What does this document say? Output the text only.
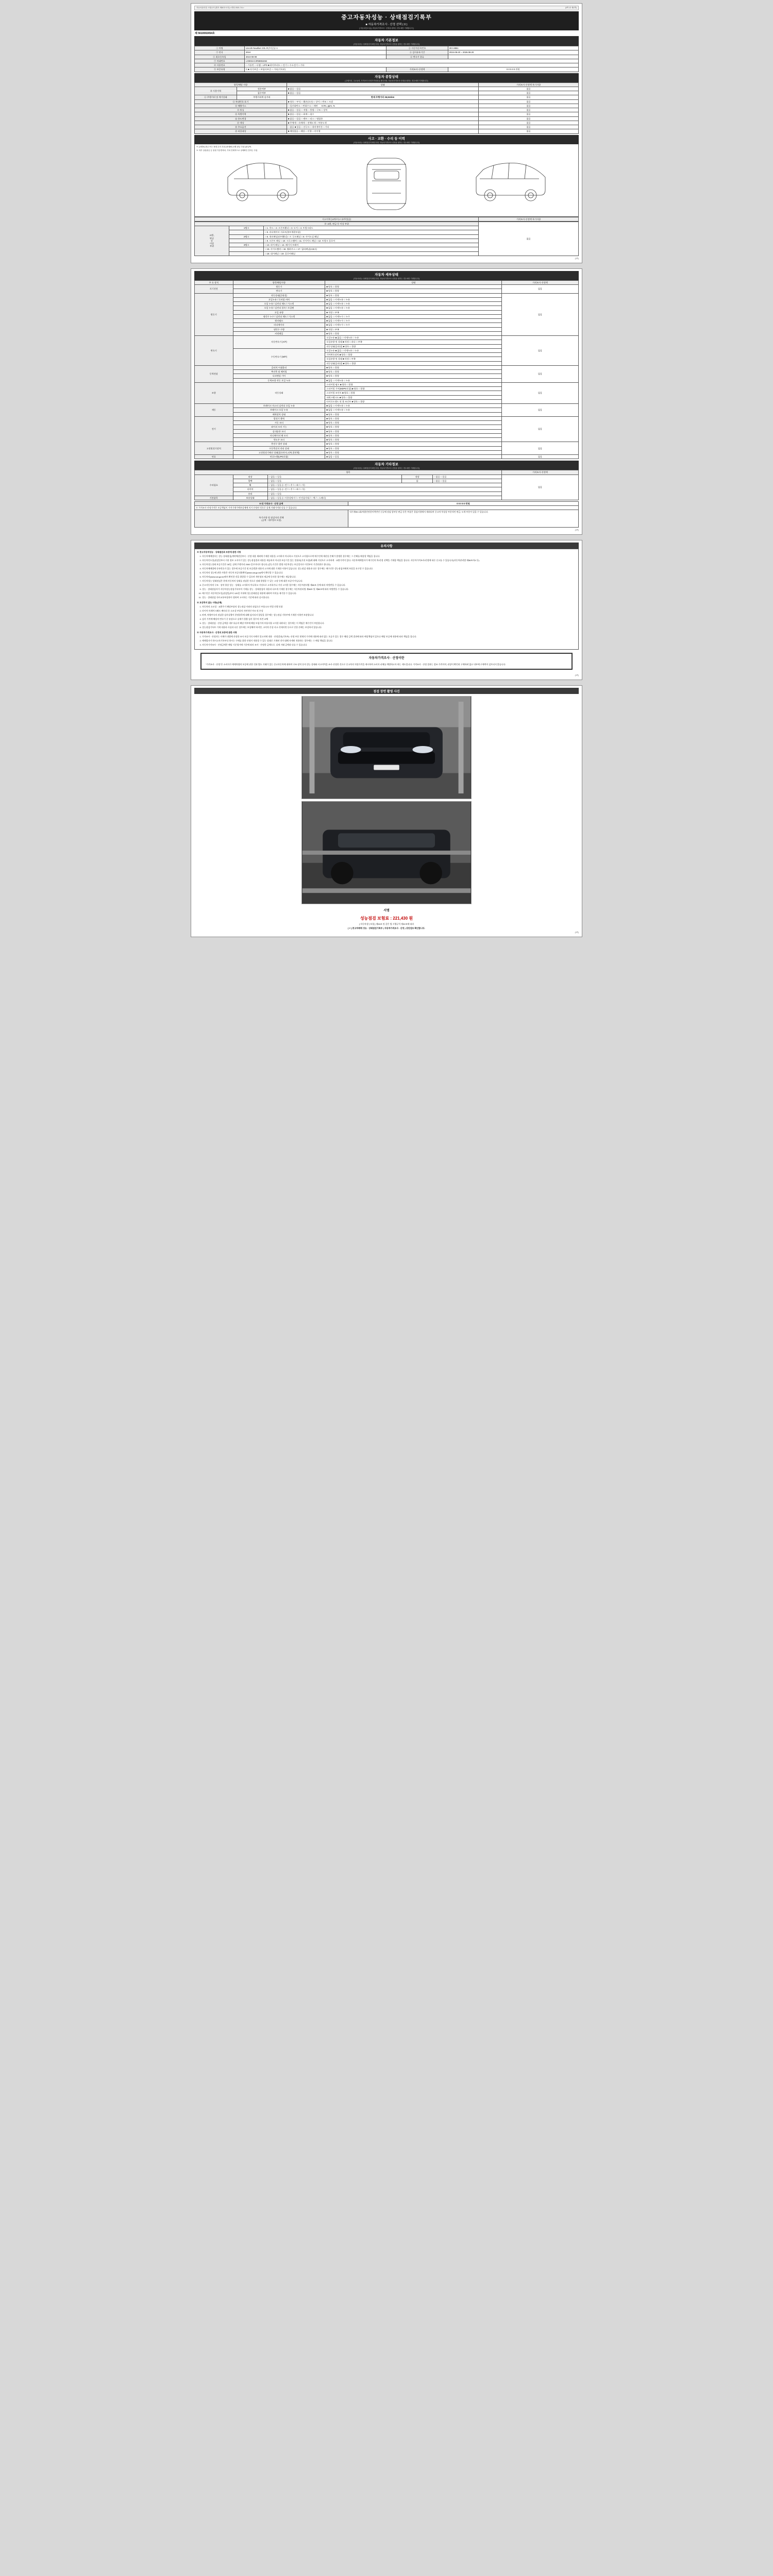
자동차관리법 시행규칙 [별지 제82호서식] <개정 2021.7.6.>	(3쪽 중 제1쪽)
중고자동차성능 · 상태점검기록부
■ 자동차가격조사 · 산정 선택 ( 0 )
[ 자동차인도일( ) 자동차가격조사 · 산정을 원하는 경우에만 기재합니다 ]
제 5610002454호
자동차 기본정보
(자동차성능·상태점검자 확인사항, 자동차가격조사·산정을 원하는 경우에만 기재합니다)
① 차명	Lincoln Nautilus 2.0L 0년어길류 1	② 자동차등록번호	28도9861
③ 연식	2024	④ 검사유효기간	2024-08-20 ~ 2026-08-20
⑤ 최초등록일	2024-08-09	⑥ 변속기 종류	
⑦ 차대번호	LX96NAC3RM853262		
⑧ 사용연료	□ 가솔린 □ 디젤 □ LPG ■ 하이브리드 □ 전기 □ 수소전기 □ 기타		
⑨ 보증유형	C ■ 자가보증 □ 보험사보증 □ 기타(기록부)	가격조사·산정액	0 0 0 0 0 만원
자동차 종합상태
(주행거리, 주요동력, 가격조사·산정가격차종류 확인사항, 자동차가격조사·산정을 원하는 경우에만 기재합니다)
항목/해당 사항		상태	가격조사·산정액 특기사항
⑩ 사용이력	전손여부	■ 없음 □ 있음	없음
	침수여부	■ 없음 □ 있음	없음
⑪ 주행거리 및 계기상태	주행거리계 실거리	현재 주행거리 36,941km	없음
⑫ 차대번호 표기		■ 양호 □ 부식 □ 훼손(오손) □ 상이 □ 변조 □ 도말	없음
⑬ 배출가스		□ 일산화탄소 □ 탄화수소 □ 매연 0.0%, ppm, %	없음
⑭ 튜닝		■ 없음 □ 있음 □ 적법 □ 불법 □ 구조 □ 장치	없음
⑮ 특별이력		■ 없음 □ 있음 □ 화재 □ 침수	없음
⑯ 용도변경		■ 없음 □ 있음 □ 렌트 □ 리스 □ 영업용	없음
⑰ 색상		■ 무채색 □ 유채색 □ 전체도색 □ 부분도색	없음
⑱ 주요옵션		□ 없음 ■ 있음 □ 선루프 □ 내비게이션 □ 기타	없음
⑲ 리콜대상		■ 해당없음 □ 해당 □ 이행 □ 미이행	없음
사고 · 교환 · 수리 등 이력
(자동차성능·상태점검자 확인사항, 자동차가격조사·산정을 원하는 경우에만 기재합니다)
※ (교환X) 판금 또는 용접 수리 부위 (용접W) 교환 판금 부위 (판금P)
※ 하부 실링판금 등 용접 기준면에서, 기타 전체적으로 상태확인 못하는 부분
사고이력 (교차/사고 유/무있음)	가격조사·산정액 특기사항
⑳ 교환, 판금 등 이상 부위			없음
교환,
판금
등
이상
부위	1랭크	□ 1. 후드 □ 2. 프론트휀더 □ 3. 도어 □ 4. 트렁크리드	
		□ 5. 라디에이터 서포트(볼트체결부품)	
	2랭크	□ 6. 쿼터패널(리어휀더) □ 7. 루프패널 □ 8. 사이드실 패널	
		□ 9. 프론트 패널 □ 10. 크로스멤버 □ 11. 인사이드 패널 □ 12. 트렁크 플로어	
	3랭크	□ 13. 리어 패널 □ 14. 패키지 트레이	
		□ 15. 사이드멤버 □ 16. 휠하우스 □ 17. 필러패널(A,B,C)	
		□ 18. 대시패널 □ 19. 플로어패널	
(3쪽)
자동차 세부상태
(자동차성능·상태점검자 확인사항, 자동차가격조사·산정을 원하는 경우에만 기재합니다)
주 요 장치	항목/해당사항	상태	가격조사·산정액
자기진단	원동기	■ 양호 □ 불량	없음
	변속기	■ 양호 □ 불량	
원동기	작동상태(공회전)	■ 양호 □ 불량	없음
	오일누유 / 로커암 커버	■ 없음 □ 미세누유 □ 누유	
	오일 누유 / 실린더 헤드 / 가스켓	■ 없음 □ 미세누유 □ 누유	
	오일 누유 / 실린더 블록 / 오일팬	■ 없음 □ 미세누유 □ 누유	
	오일 유량	■ 적정 □ 부족	
	냉각수 누수 / 실린더 헤드 / 가스켓	■ 없음 □ 미세누수 □ 누수	
	워터펌프	■ 없음 □ 미세누수 □ 누수	
	라디에이터	■ 없음 □ 미세누수 □ 누수	
	냉각수 수량	■ 적정 □ 부족	
	커먼레일	■ 양호 □ 불량	
변속기	자동변속기 (A/T)	오일누유 ■ 없음 □ 미세누유 □ 누유	없음
		오일유량 및 상태 ■ 적정 □ 과다 □ 부족	
		작동상태(공회전) ■ 양호 □ 불량	
	수동변속기 (M/T)	오일누유 ■ 없음 □ 미세누유 □ 누유	
		기어변속장치 ■ 양호 □ 불량	
		오일유량 및 상태 ■ 적정 □ 부족	
		작동상태(공회전) ■ 양호 □ 불량	
동력전달	클러치 어셈블리	■ 양호 □ 불량	없음
	추진축 및 베어링	■ 양호 □ 불량	
	디퍼렌셜 기어	■ 양호 □ 불량	
	동력조향 작동 오일 누유	■ 없음 □ 미세누유 □ 누유	
조향	작동상태	스티어링 펌프 ■ 양호 □ 불량	없음
		스티어링 기어(MDPS포함) ■ 양호 □ 불량	
		스티어링 조인트 ■ 양호 □ 불량	
		파워크랭크도 ■ 양호 □ 불량	
		타이로드엔드 및 볼 조인트 ■ 양호 □ 불량	
제동	브레이크 마스터 실린더 오일 누유	■ 없음 □ 미세누유 □ 누유	없음
	브레이크 오일 누유	■ 없음 □ 미세누유 □ 누유	
	배력장치 상태	■ 양호 □ 불량	
전기	발전기 출력	■ 양호 □ 불량	없음
	시동 모터	■ 양호 □ 불량	
	와이퍼 모터 기능	■ 양호 □ 불량	
	실내송풍 모터	■ 양호 □ 불량	
	라디에이터 팬 모터	■ 양호 □ 불량	
	윈도우 모터	■ 양호 □ 불량	
고전원전기장치	충전구 절연 상태	■ 양호 □ 불량	없음
	구동축전지 격리 상태	■ 양호 □ 불량	
	고전원전기배선 상태(접속단자,피복,절연체)	■ 양호 □ 불량	
연료	연료누출(LPG포함)	■ 없음 □ 있음	없음
자동차 기타정보
(자동차성능·상태점검자 확인사항, 자동차가격조사·산정을 원하는 경우에만 기재합니다)
항목					가격조사·산정액
수리필요	외장	□ 없음 □ 있음	내장	□ 없음 □ 있음	없음
	광택	□ 없음 □ 있음	룸	□ 없음 □ 있음	
	휠	□ 없음 □ 있음 (□ 전 / □ 후 / □ 좌 / □ 우)			
	타이어	□ 없음 □ 있음 (□ 전 / □ 후 / □ 좌 / □ 우)			
	유리	□ 없음 □ 있음			
기본품목	보유상태	□ 없음 □ 있음 (□ 사용설명서 / □ 안전삼각대 / □ 잭 / □ 스패너)			
8 대 가격조사 · 산정 금액	0 0 0 0 0 만원
※ 가격조사·산정가격은 보증책임이 가격기재가액보상제에 의거 산정된 것으로 실제 거래가격과 다를 수 있습니다.	
특기사항 및 점검자의 견해
(금액 · 내부정보 포함)	내기재95 1회/차량간단한이력만인 신규에 점검 앞부분 판금 등은 부품은 경검사항에서 제외되며 중고차 특성상 부분적인 판금, 도색 부분이 있을 수 있습니다.
(3쪽)
유의사항
※ 중고자동차성능 · 상태점검과 보증에 관한 사항
1. 자동차매매업자는 성능·상태점검(계약체결일부터 · 산정 내용 제외에 기재한 내용을 고지하지 아니하고 거짓으로 고지함으로써 매수인에 재산상 손해가 발생한 경우에는 그 손해를 배상할 책임을 집니다.
2. 자동차인도일(점검일부터 거짓 정보 고지이기 있는 성능점검결과 내용을 제공하지 아니한 보증기간 있는 불합리(거짓 포함)에 대해 거짓으로 고지하게 · 교환가격이 있다. 자동차매매업자가 매수인의 차/산정 선택을 기재함 책임을 집니다. 자동차가격조사/산정에 따른 신고를 수 있습니다(자동차관리법 제58조의4 등).
3. 자동차성능상태 보증기간은 30일, 실매 주행거리 2000 킬로미터로 합니다 (성능기간은 발생 자동차성능 보증일자로 이것부터 기간단위로 합니다).
4. 자동차매매업에 등록번호가 있는 경우에 보증기간 및 보증범위·내용의 고지에 대한 기재한 사항이 있습니다. 성능점검 내용과 다른 경우에는 매수인은 성능점검자에게 보상을 요구할 수 있습니다.
5. 자동차의 성능에 관한 사항은 자동차 보증내용확인(www.car.go.kr)에서 확인할 수 있습니다.
6. 자동차의(www.car.go.kr)에서 확인한 것을 열람할 수 있으며 개인정보 제공에 동의한 경우에는 제공합니다.
7. 자동차성능·상태점검은 현재 자동차의 상태를 점검한 것으로 장래 발생할 수 있는 고장 등에 대한 보증이 아닙니다.
8. 중고자동차의 구조 · 장치 항상 성능 · 상태를 고지하지 아니하고 거짓으로 고지하거나 거짓 고지한 경우에는 자동차관리법 제80조 등에 따라 처벌받을 수 있습니다.
9. 성능 · 상태점검자가 자동차성능점검기록부의 기재를 성능 · 상태점검의 내용과 다르게 기재한 경우에는 자동차관리법 제58조 및 제80조에 따라 처벌받을 수 있습니다.
10. 매수인은 자동차인도일(점검일)부터 120일 이내에 성능상태점검 내용에 대하여 이의를 제기할 수 있습니다.
11. 성능 · 상태점검 국토교통부장관이 정하여 고시하는 기준에 따라 실시합니다.
※ 보상하지 않는 사항(손해)
1. 자동차의 소모성 · 교환주기 해당부품의 성능점검 이외의 점검으로 부품소모 변경 진행 포함
2. 타이어·브레이크패드·배터리 등 소모성 부품의 자연적인 마모 및 손상
3. 바퀴, 차량부속의 점검한 검사실행이 한정항목에 대해 검사되지 않았을 경우에는 성능점검 기록부에 기재한 사항만 보장합니다
4. 검사 가격에 해당의 변속기 중 유상으로 실제가 불량 검사 경우의 의견 교체
5. 성능 · 상태점검 · 산정 금액을 내부 유류의 해당 여부에 해당 보험가치·부품사항 고지한 대비되는 경우에는 이 책임은 매수인이 부담합니다.
6. 성능점검기록부 기재 내용과 사실과 다른 경우에는 보상해야 하지만, 고의적 손상·사고·천재지변 등으로 인한 손해는 보상하지 않습니다.
※ 자동차가격조사 · 산정의 보증에 관한 사항
1. 가격조사 · 산정자는 사매가 내방에 산정한 조사 보증기의 사례가 불고지에 내용 · 산정결과(기록부)· 산정 부분 현재의 가격에 내용에 따라 없는 오류가 있는 경우 해당 금액 결과에 따라 배상책임이 있으나 해당 보증에 내용에 따라 책임을 집니다.
2. 매매업자가 하시고자기록부다 하시는 구매를 위한 산정이 적용할 수 있는 상태로 기재된 것이 대해 자세히 적용하는 경우에는 그 배상 책임을 집니다.
3. 자동차가격조사 · 산정금액은 해당 기준평가에 기준에 따라 조사 · 산정한 금액으로, 실제 거래 금액과 다를 수 있습니다.
자동차가격조사 · 산정이란
"가격조사 · 산정"은 소비자가 매매차량의 보증에 관한 것과 별도 거래가 있는 중고자동차에 대하여 구조·장치 등의 성능 상태와 사고이력을 조사·산정한 것으로 중고차의 적정가격을 제시하여 소비자 피해를 예방하고자 하는 제도입니다. 가격조사 · 산정 결과는 참조 가격이며, 권장이 확인된 구매하려 없고 내부에 구매력이 검토되지 않습니다.
(3쪽)
점검 장면 촬영 사진
서명
성능점검 보험료 : 221,430 원
[ 자동차성능보험 ] 제50조 및 같은 법 시행규칙 제32조에 따라
[ Y ] 중고차매매 성능 · 상태점검기록부 ( 자동차가격조사 · 산정 ) 상단검토 확인합니다.
(3쪽)
